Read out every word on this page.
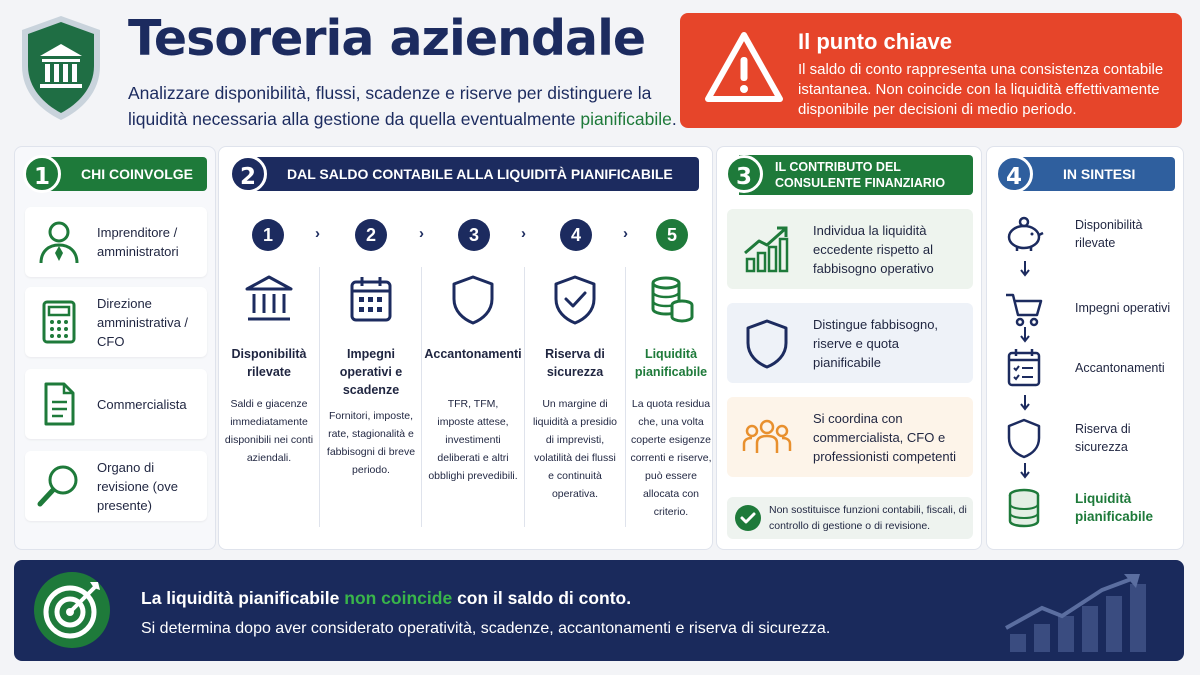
Tesoreria aziendale
Analizzare disponibilità, flussi, scadenze e riserve per distinguere la liquidità necessaria alla gestione da quella eventualmente pianificabile.
Il punto chiave
Il saldo di conto rappresenta una consistenza contabile istantanea. Non coincide con la liquidità effettivamente disponibile per decisioni di medio periodo.
CHI COINVOLGE
1
Imprenditore / amministratori
Direzione amministrativa / CFO
Commercialista
Organo di revisione (ove presente)
DAL SALDO CONTABILE ALLA LIQUIDITÀ PIANIFICABILE
2
1	›	2	›	3	›	4	›	5
Disponibilità rilevate
Saldi e giacenze immediatamente disponibili nei conti aziendali.
Impegni operativi e scadenze
Fornitori, imposte, rate, stagionalità e fabbisogni di breve periodo.
Accantonamenti
TFR, TFM, imposte attese, investimenti deliberati e altri obblighi prevedibili.
Riserva di sicurezza
Un margine di liquidità a presidio di imprevisti, volatilità dei flussi e continuità operativa.
Liquidità pianificabile
La quota residua che, una volta coperte esigenze correnti e riserve, può essere allocata con criterio.
IL CONTRIBUTO DEL
CONSULENTE FINANZIARIO
3
Individua la liquidità eccedente rispetto al fabbisogno operativo
Distingue fabbisogno, riserve e quota pianificabile
Si coordina con commercialista, CFO e professionisti competenti
Non sostituisce funzioni contabili, fiscali, di controllo di gestione o di revisione.
IN SINTESI
4
Disponibilità rilevate
Impegni operativi
Accantonamenti
Riserva di sicurezza
Liquidità pianificabile
La liquidità pianificabile non coincide con il saldo di conto.
Si determina dopo aver considerato operatività, scadenze, accantonamenti e riserva di sicurezza.
